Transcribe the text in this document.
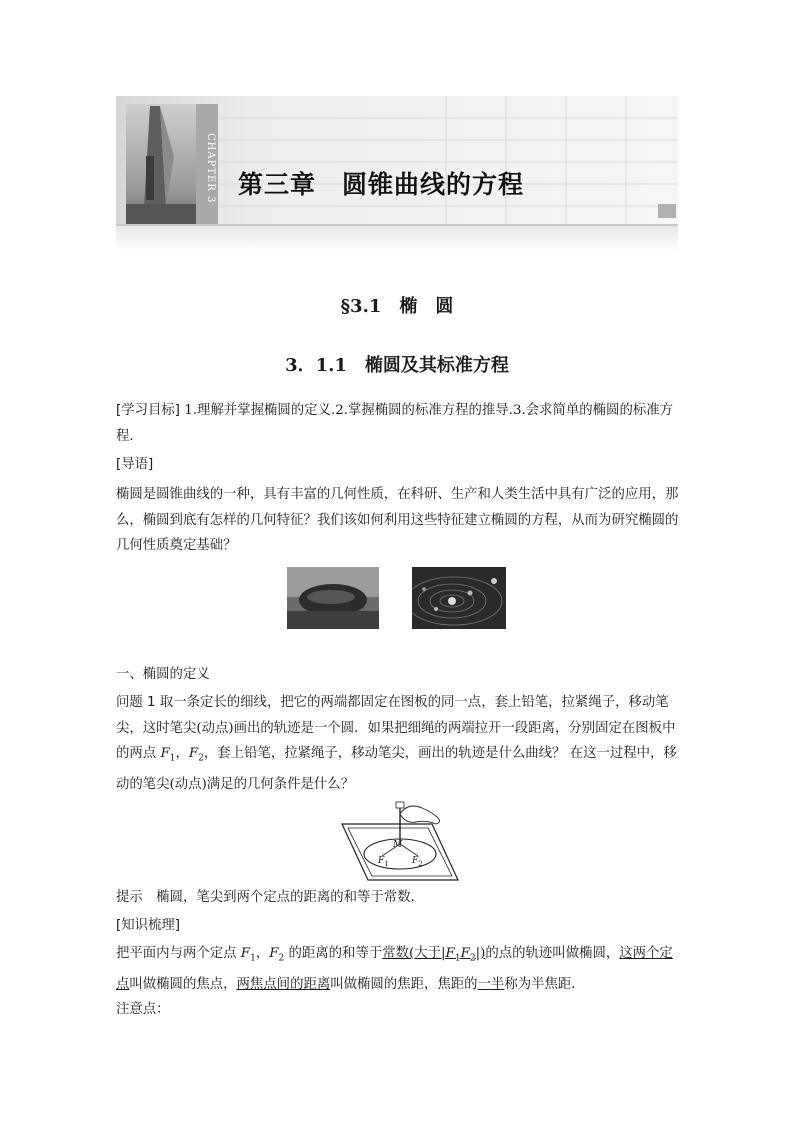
CHAPTER 3 第三章　圆锥曲线的方程
§3.1　椭　圆
3．1.1　椭圆及其标准方程
[学习目标] 1.理解并掌握椭圆的定义.2.掌握椭圆的标准方程的推导.3.会求简单的椭圆的标准方程．
[导语]
椭圆是圆锥曲线的一种，具有丰富的几何性质，在科研、生产和人类生活中具有广泛的应用，那么，椭圆到底有怎样的几何特征？我们该如何利用这些特征建立椭圆的方程，从而为研究椭圆的几何性质奠定基础？
一、椭圆的定义
问题 1 取一条定长的细线，把它的两端都固定在图板的同一点，套上铅笔，拉紧绳子，移动笔尖，这时笔尖(动点)画出的轨迹是一个圆．如果把细绳的两端拉开一段距离，分别固定在图板中的两点 $F_1$，$F_2$，套上铅笔，拉紧绳子，移动笔尖，画出的轨迹是什么曲线？ 在这一过程中，移动的笔尖(动点)满足的几何条件是什么？
M
$F_1$	$F_2$
提示　 椭圆，笔尖到两个定点的距离的和等于常数．
[知识梳理]
把平面内与两个定点 $F_1$，$F_2$ 的距离的和等于常数(大于$|F_1F_2|$)的点的轨迹叫做椭圆，这两个定点叫做椭圆的焦点，两焦点间的距离叫做椭圆的焦距，焦距的一半称为半焦距．
注意点：
